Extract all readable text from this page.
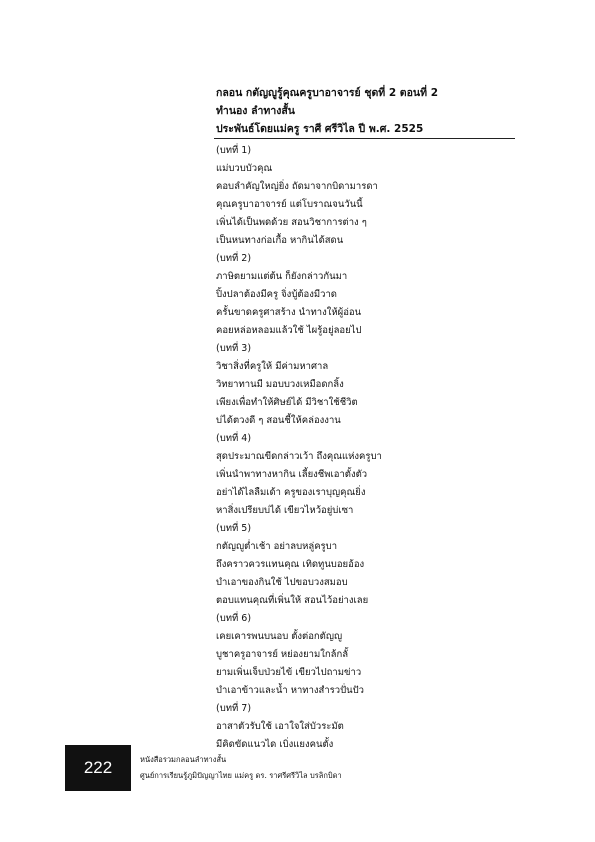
กลอน กตัญญูรู้คุณครูบาอาจารย์ ชุดที่ 2 ตอนที่ 2
ทำนอง ลำทางสั้น
ประพันธ์โดยแม่ครู ราศี ศรีวิไล ปี พ.ศ. 2525
(บทที่ 1)
แม่บวบบัวคุณ
คอบลำคัญใหญ่ยิ่ง ถัดมาจากบิดามารดา
คุณครูบาอาจารย์ แต่โบราณจนวันนี้
เพิ่นได้เป็นพดด้วย สอนวิชาการต่าง ๆ
เป็นหนทางก่อเกื้อ หากินได้สดน
(บทที่ 2)
ภาษิตยามแต่ต้น ก็ยังกล่าวกันมา
ปิ้งปลาต้องมีครู จิ่งบู้ต้องมีวาด
ครั้นขาดครูศาสร้าง นำทางให้ผู้อ่อน
คอยหล่อหลอมแล้วใช้ ไผรู้อยู่ลอยไป
(บทที่ 3)
วิชาสิ่งที่ครูให้ มีค่ามหาศาล
วิทยาทานมี มอบบวงเหมือดกลิ้ง
เพียงเพื่อทำให้ศิษย์ได้ มีวิชาใช้ชีวิต
บ่ได้ตวงดี ๆ สอนชี้ให้คล่องงาน
(บทที่ 4)
สุดประมาณขีดกล่าวเว้า ถึงคุณแห่งครูบา
เพิ่นนำพาทางหากิน เลี้ยงชีพเอาตั้งตัว
อย่าได้ไลลืมเด้า ครูของเราบุญคุณยิ่ง
หาสิ่งเปรียบบ่ได้ เขียวไหว้อยู่บ่เซา
(บทที่ 5)
กตัญญูต่ำเช้า อย่าลบหลู่ครูบา
ถึงคราวควรแทนคุณ เทิดทูนบอยอ้อง
บำเอาของกินใช้ ไปขอบวงสมอบ
ตอบแทนคุณที่เพิ่นให้ สอนไว้อย่างเลย
(บทที่ 6)
เคยเคารพนบนอบ ตั้งต่อกตัญญู
บูชาครูอาจารย์ หย่องยามใกล้กลั้
ยามเพิ่นเจ็บป่วยไข้ เขียวไปถามข่าว
บำเอาข้าวและน้ำ หาทางสำรวปั่นปัว
(บทที่ 7)
อาสาตัวรับใช้ เอาใจใส่บัวระมัต
มีคิดขัดแนวได เบิ่งแยงคนตั้ง
222	หนังสือรวมกลอนลำทางสั้น
ศูนย์การเรียนรู้ภูมิปัญญาไทย แม่ครู ดร. ราศรีศรีวิไล บรลิกบิดา
